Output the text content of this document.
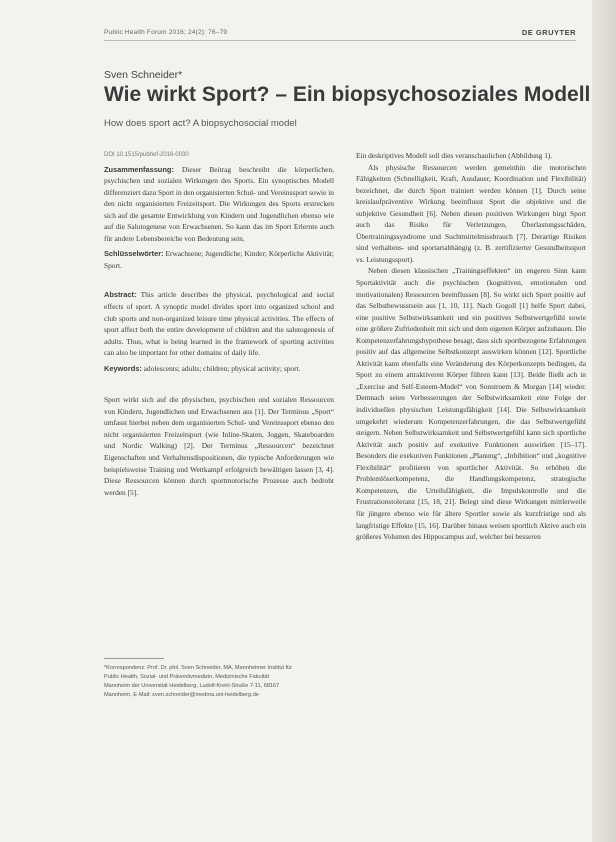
Public Health Forum 2016; 24(2): 76–79	DE GRUYTER
Sven Schneider*
Wie wirkt Sport? – Ein biopsychosoziales Modell
How does sport act? A biopsychosocial model

DOI 10.1515/pubhef-2016-0030

Zusammenfassung: Dieser Beitrag beschreibt die körperlichen, psychischen und sozialen Wirkungen des Sports. Ein synoptisches Modell differenziert dazu Sport in den organisierten Schul- und Vereinssport sowie in den nicht organisierten Freizeitsport. Die Wirkungen des Sports erstrecken sich auf die gesamte Entwicklung von Kindern und Jugendlichen ebenso wie auf die Salutogenese von Erwachsenen. So kann das im Sport Erlernte auch für andere Lebensbereiche von Bedeutung sein.

Schlüsselwörter: Erwachsene; Jugendliche; Kinder; Körperliche Aktivität; Sport.

Abstract: This article describes the physical, psychological and social effects of sport. A synoptic model divides sport into organized school and club sports and non-organized leisure time physical activities. The effects of sport affect both the entire development of children and the salutogenesis of adults. Thus, what is being learned in the framework of sporting activities can also be important for other domains of daily life.

Keywords: adolescents; adults; children; physical activity; sport.

Sport wirkt sich auf die physischen, psychischen und sozialen Ressourcen von Kindern, Jugendlichen und Erwachsenen aus [1]. Der Terminus „Sport“ umfasst hierbei neben dem organisierten Schul- und Vereinssport ebenso den nicht organisierten Freizeitsport (wie Inline-Skaten, Joggen, Skateboarden und Nordic Walking) [2]. Der Terminus „Ressourcen“ bezeichnet Eigenschaften und Verhaltensdispositionen, die typische Anforderungen wie beispielsweise Training und Wettkampf erfolgreich bewältigen lassen [3, 4]. Diese Ressourcen können durch sportmotorische Prozesse auch bedroht werden [5].

*Korrespondenz: Prof. Dr. phil. Sven Schneider, MA, Mannheimer Institut für Public Health, Sozial- und Präventivmedizin, Medizinische Fakultät Mannheim der Universität Heidelberg, Ludolf-Krehl-Straße 7-11, 68167 Mannheim, E-Mail: sven.schneider@medma.uni-heidelberg.de

Ein deskriptives Modell soll dies veranschaulichen (Abbildung 1).

Als physische Ressourcen werden gemeinhin die motorischen Fähigkeiten (Schnelligkeit, Kraft, Ausdauer, Koordination und Flexibilität) bezeichnet, die durch Sport trainiert werden können [1]. Durch seine kreislaufpräventive Wirkung beeinflusst Sport die objektive und die subjektive Gesundheit [6]. Neben diesen positiven Wirkungen birgt Sport auch das Risiko für Verletzungen, Überlastungsschäden, Übertrainingssyndrome und Suchtmittelmissbrauch [7]. Derartige Risiken sind verhaltens- und sportartabhängig (z. B. zertifizierter Gesundheitssport vs. Leistungssport).

Neben diesen klassischen „Trainingseffekten“ im engeren Sinn kann Sportaktivität auch die psychischen (kognitiven, emotionalen und motivationalen) Ressourcen beeinflussen [8]. So wirkt sich Sport positiv auf das Selbstbewusstsein aus [1, 10, 11]. Nach Gogoll [1] helfe Sport dabei, eine positive Selbstwirksamkeit und ein positives Selbstwertgefühl sowie eine größere Zufriedenheit mit sich und dem eigenen Körper aufzubauen. Die Kompetenzerfahrungshypothese besagt, dass sich sportbezogene Erfahrungen positiv auf das allgemeine Selbstkonzept auswirken können [12]. Sportliche Aktivität kann ebenfalls eine Veränderung des Körperkonzepts bedingen, da Sport zu einem attraktiveren Körper führen kann [13]. Beide fließt ach in „Exercise and Self-Esteem-Model“ von Sonstroem & Morgan [14] wieder. Demnach seien Verbesserungen der Selbstwirksamkeit eine Folge der individuellen physischen Leistungsfähigkeit [14]. Die Selbstwirksamkeit umgekehrt wiederum Kompetenzerfahrungen, die das Selbstwertgefühl steigern. Neben Selbstwirksamkeit und Selbstwertgefühl kann sich sportliche Aktivität auch positiv auf exekutive Funktionen auswirken [15–17]. Besonders die exekutiven Funktionen „Planung“, „Inhibition“ und „kognitive Flexibilität“ profitieren von sportlicher Aktivität. So erhöhen die Problemlöserkompetenz, die Handlungskompetenz, strategische Kompetenzen, die Urteilsfähigkeit, die Impulskontrolle und die Frustrationstoleranz [15, 18, 21]. Belegt sind diese Wirkungen mittlerweile für jüngere ebenso wie für ältere Sportler sowie als kurzfristige und als langfristige Effekte [15, 16]. Darüber hinaus weisen sportlich Aktive auch ein größeres Volumen des Hippocampus auf, welcher bei besseren
